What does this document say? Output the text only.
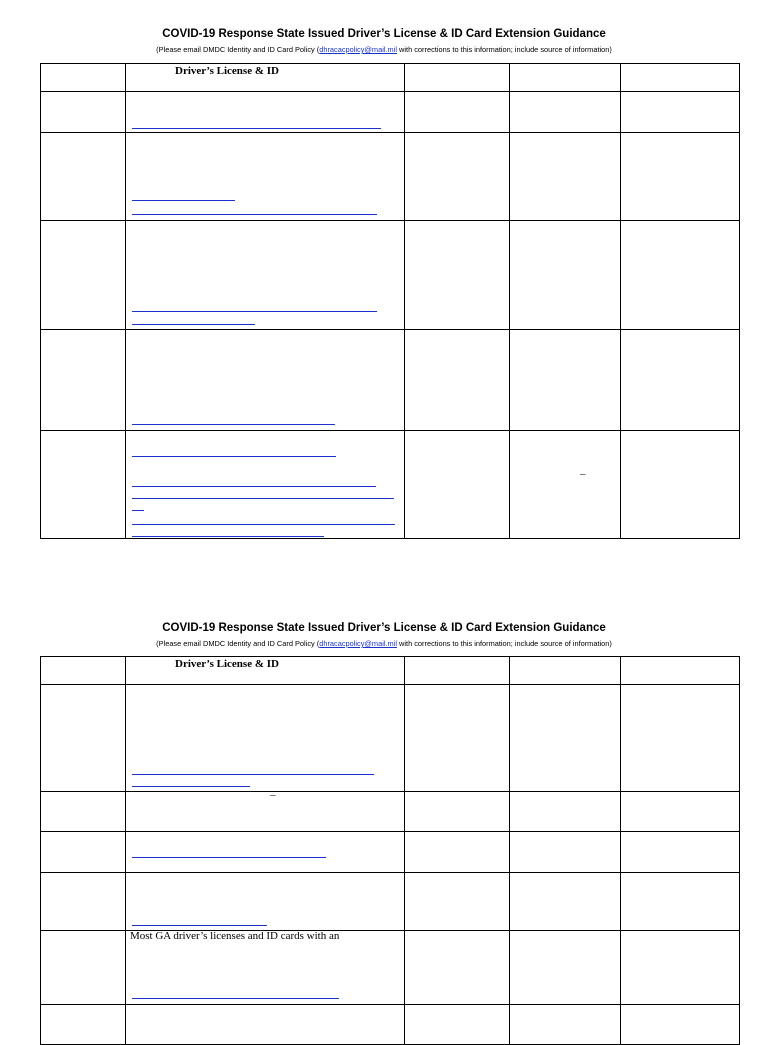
COVID-19 Response State Issued Driver’s License & ID Card Extension Guidance
(Please email DMDC Identity and ID Card Policy (dhracacpolicy@mail.mil with corrections to this information; include source of information)

	Driver’s License & ID			

			–	

COVID-19 Response State Issued Driver’s License & ID Card Extension Guidance
(Please email DMDC Identity and ID Card Policy (dhracacpolicy@mail.mil with corrections to this information; include source of information)

	Driver’s License & ID			

	–			

	Most GA driver’s licenses and ID cards with an			
